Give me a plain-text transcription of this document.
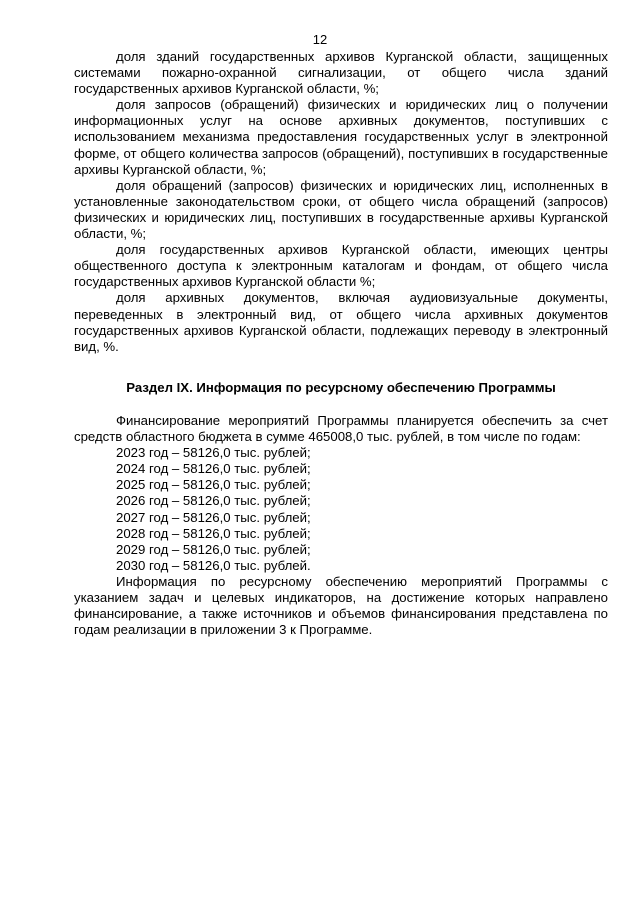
12

доля зданий государственных архивов Курганской области, защищенных системами пожарно-охранной сигнализации, от общего числа зданий государственных архивов Курганской области, %;

доля запросов (обращений) физических и юридических лиц о получении информационных услуг на основе архивных документов, поступивших с использованием механизма предоставления государственных услуг в электронной форме, от общего количества запросов (обращений), поступивших в государственные архивы Курганской области, %;

доля обращений (запросов) физических и юридических лиц, исполненных в установленные законодательством сроки, от общего числа обращений (запросов) физических и юридических лиц, поступивших в государственные архивы Курганской области, %;

доля государственных архивов Курганской области, имеющих центры общественного доступа к электронным каталогам и фондам, от общего числа государственных архивов Курганской области %;

доля архивных документов, включая аудиовизуальные документы, переведенных в электронный вид, от общего числа архивных документов государственных архивов Курганской области, подлежащих переводу в электронный вид, %.

Раздел IX. Информация по ресурсному обеспечению Программы

Финансирование мероприятий Программы планируется обеспечить за счет средств областного бюджета в сумме 465008,0 тыс. рублей, в том числе по годам:

2023 год – 58126,0 тыс. рублей;
2024 год – 58126,0 тыс. рублей;
2025 год – 58126,0 тыс. рублей;
2026 год – 58126,0 тыс. рублей;
2027 год – 58126,0 тыс. рублей;
2028 год – 58126,0 тыс. рублей;
2029 год – 58126,0 тыс. рублей;
2030 год – 58126,0 тыс. рублей.

Информация по ресурсному обеспечению мероприятий Программы с указанием задач и целевых индикаторов, на достижение которых направлено финансирование, а также источников и объемов финансирования представлена по годам реализации в приложении 3 к Программе.
